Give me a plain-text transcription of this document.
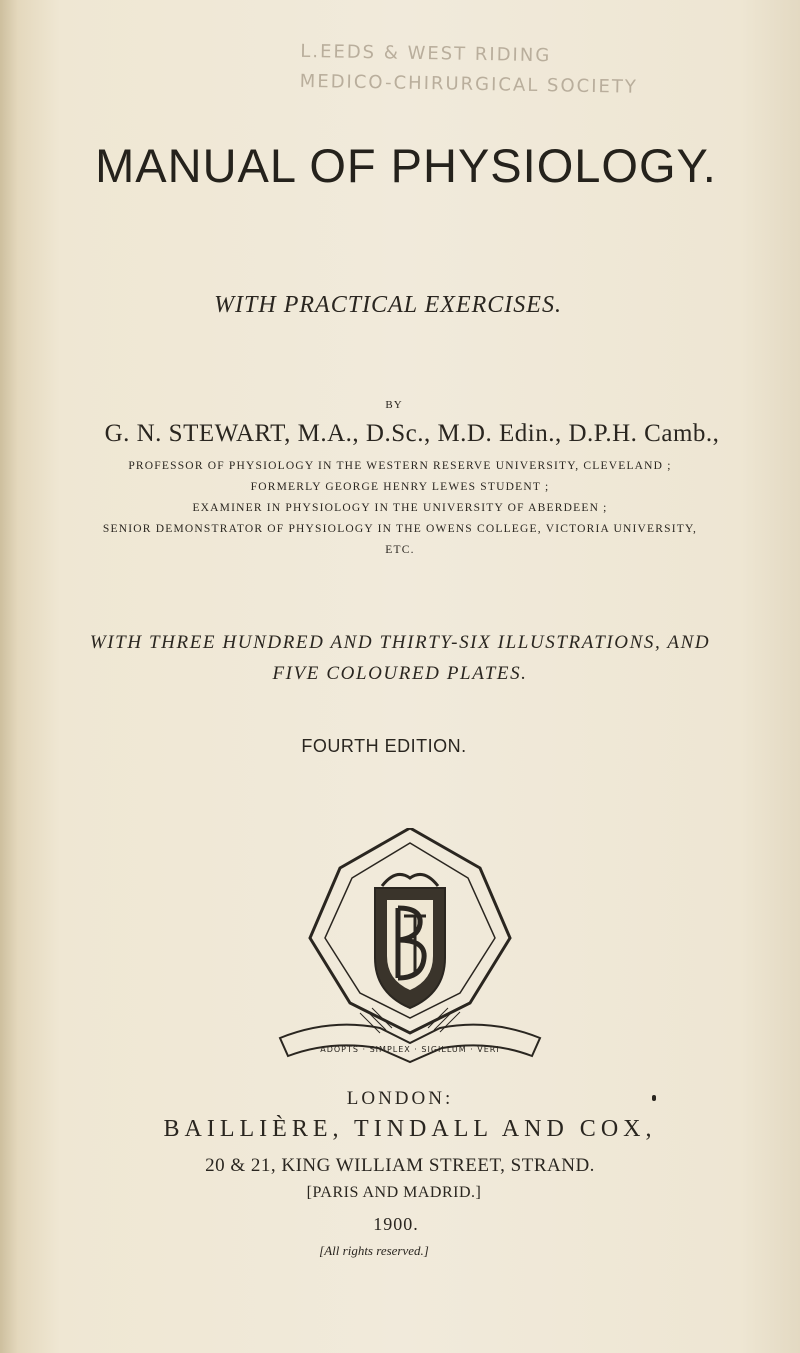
L.EEDS & WEST RIDING
MEDICO-CHIRURGICAL SOCIETY
MANUAL OF PHYSIOLOGY.
WITH PRACTICAL EXERCISES.
BY
G. N. STEWART, M.A., D.Sc., M.D. Edin., D.P.H. Camb.,
PROFESSOR OF PHYSIOLOGY IN THE WESTERN RESERVE UNIVERSITY, CLEVELAND ;
FORMERLY GEORGE HENRY LEWES STUDENT ;
EXAMINER IN PHYSIOLOGY IN THE UNIVERSITY OF ABERDEEN ;
SENIOR DEMONSTRATOR OF PHYSIOLOGY IN THE OWENS COLLEGE, VICTORIA UNIVERSITY,
ETC.
WITH THREE HUNDRED AND THIRTY-SIX ILLUSTRATIONS, AND
FIVE COLOURED PLATES.
FOURTH EDITION.
BTC
ADOPTS · SIMPLEX · SIGILLUM · VERI
LONDON:
BAILLIÈRE, TINDALL AND COX,
20 & 21, KING WILLIAM STREET, STRAND.
[PARIS AND MADRID.]
1900.
[All rights reserved.]
